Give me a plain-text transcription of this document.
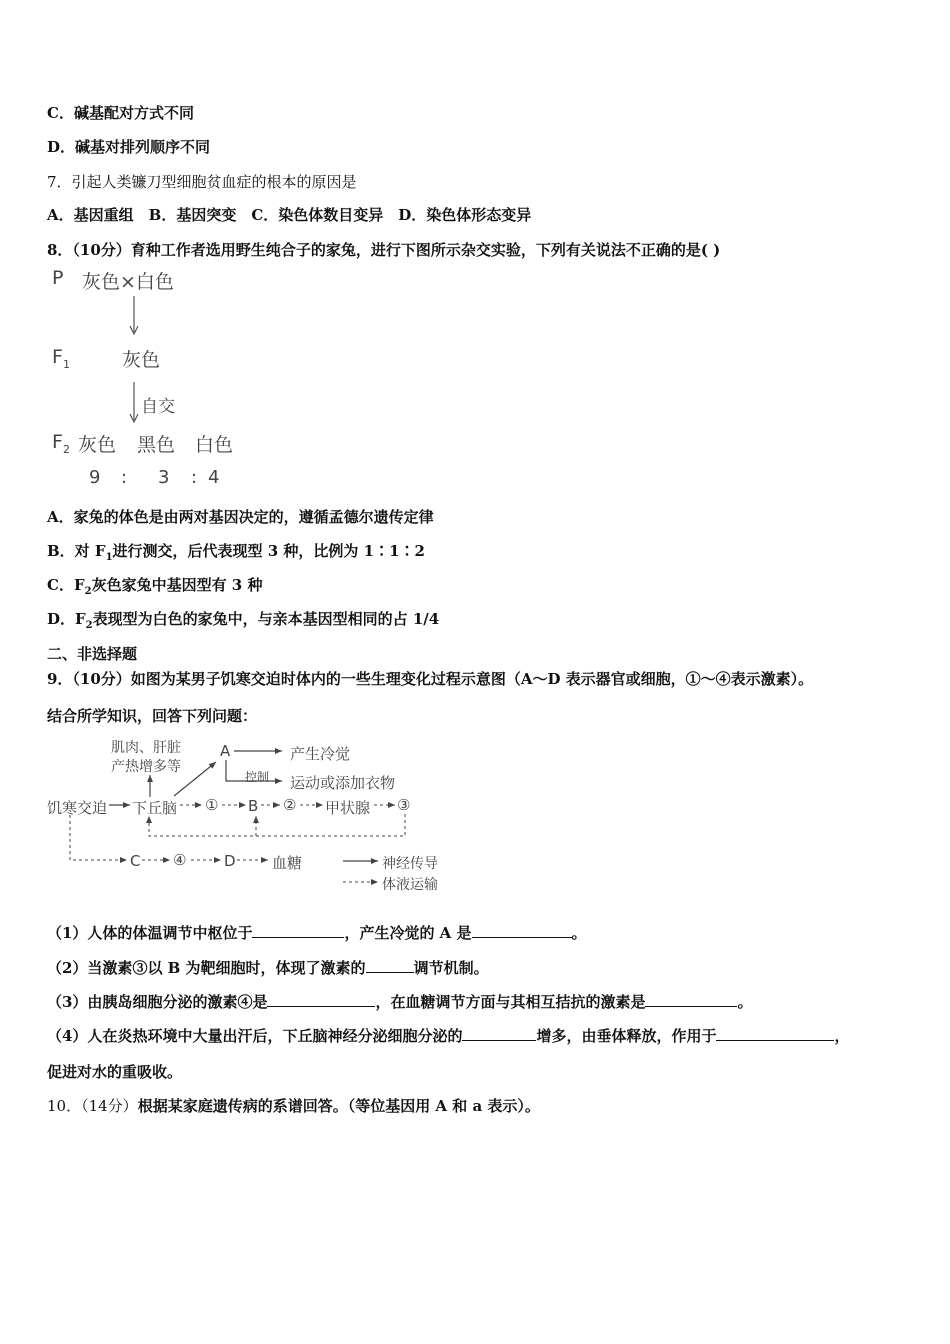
C．碱基配对方式不同
D．碱基对排列顺序不同
7．引起人类镰刀型细胞贫血症的根本的原因是
A．基因重组　B．基因突变　C．染色体数目变异　D．染色体形态变异
8．（10分）育种工作者选用野生纯合子的家兔，进行下图所示杂交实验，下列有关说法不正确的是( )
P 灰色×白色
$F_1$	灰色
自交
$F_2$ 灰色 黑色 白色
9 : 3 : 4
A．家兔的体色是由两对基因决定的，遵循孟德尔遗传定律
B．对 $F_1$进行测交，后代表现型 3 种，比例为 1∶1∶2
C．$F_2$灰色家兔中基因型有 3 种
D．$F_2$表现型为白色的家兔中，与亲本基因型相同的占 1/4
二、非选择题
9．（10分）如图为某男子饥寒交迫时体内的一些生理变化过程示意图（A～D 表示器官或细胞，①～④表示激素）。
结合所学知识，回答下列问题：
肌肉、肝脏
产热增多等
A	产生冷觉
控制 运动或添加衣物
饥寒交迫 下丘脑 ① B ② 甲状腺 ③
C ④	D 血糖	神经传导
体液运输
（1）人体的体温调节中枢位于	，产生冷觉的 A 是	。
（2）当激素③以 B 为靶细胞时，体现了激素的	调节机制。
（3）由胰岛细胞分泌的激素④是	，在血糖调节方面与其相互拮抗的激素是	。
（4）人在炎热环境中大量出汗后，下丘脑神经分泌细胞分泌的	增多，由垂体释放，作用于	，
促进对水的重吸收。
10．（14分）根据某家庭遗传病的系谱回答。（等位基因用 A 和 a 表示）。
